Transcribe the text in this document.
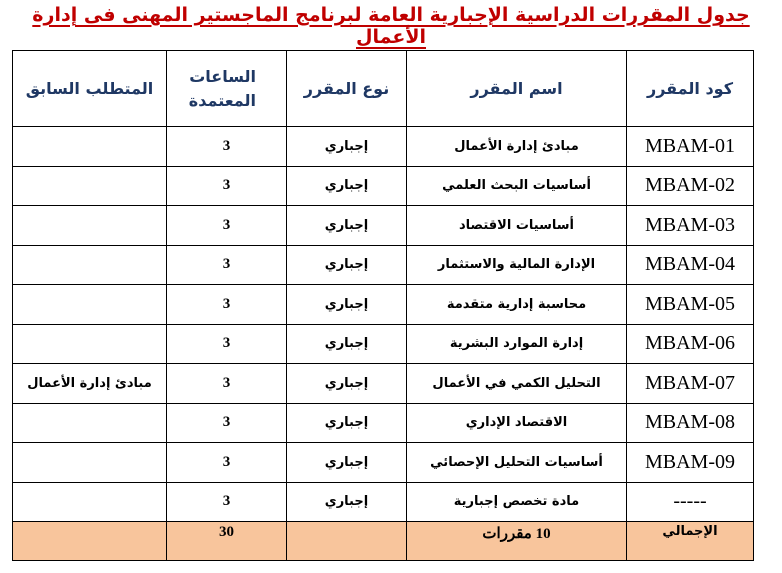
جدول المقررات الدراسية الإجبارية العامة لبرنامج الماجستير المهنى فى إدارة الأعمال
كود المقرر	اسم المقرر	نوع المقرر	الساعات المعتمدة	المتطلب السابق
MBAM-01	مبادئ إدارة الأعمال	إجباري	3	
MBAM-02	أساسيات البحث العلمي	إجباري	3	
MBAM-03	أساسيات الاقتصاد	إجباري	3	
MBAM-04	الإدارة المالية والاستثمار	إجباري	3	
MBAM-05	محاسبة إدارية متقدمة	إجباري	3	
MBAM-06	إدارة الموارد البشرية	إجباري	3	
MBAM-07	التحليل الكمي في الأعمال	إجباري	3	مبادئ إدارة الأعمال
MBAM-08	الاقتصاد الإداري	إجباري	3	
MBAM-09	أساسيات التحليل الإحصائي	إجباري	3	
-----	مادة تخصص إجبارية	إجباري	3	
الإجمالي	10 مقررات		30	
